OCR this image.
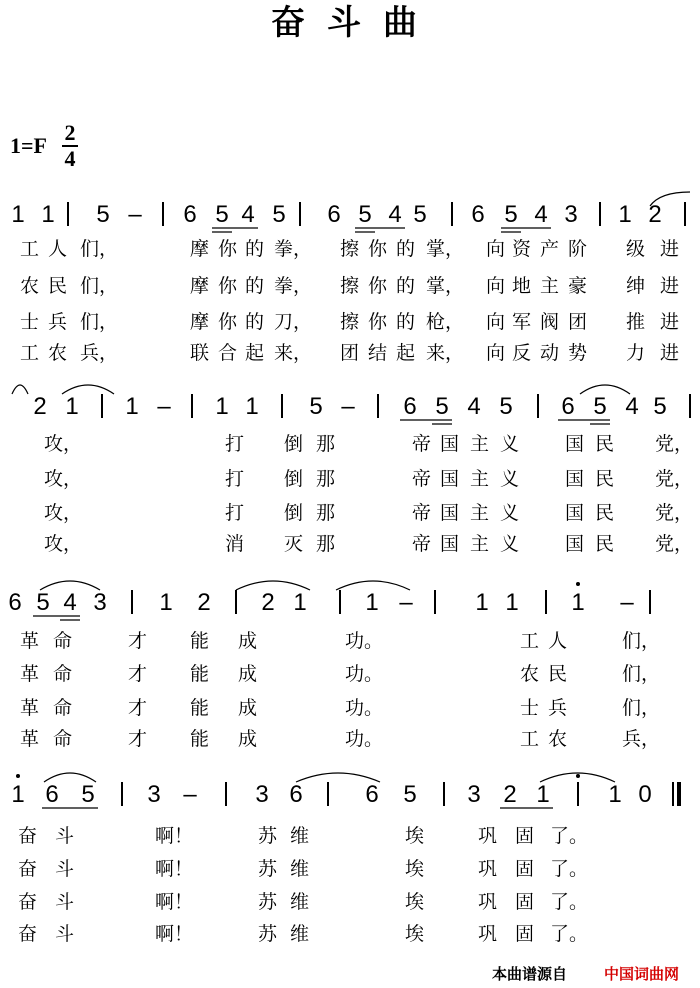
奋斗曲
1=F
2
4
1 1 5 – 6 5 4 5 6 5 4 5 6 5 4 3 1 2
工 人 们，	摩 你 的 拳， 擦 你 的 掌， 向 资 产 阶 级 进
农 民 们，	摩 你 的 拳， 擦 你 的 掌， 向 地 主 豪 绅 进
士 兵 们，	摩 你 的 刀， 擦 你 的 枪， 向 军 阀 团 推 进
工 农 兵，	联 合 起 来， 团 结 起 来， 向 反 动 势 力 进
2 1 1 – 1 1 5 – 6 5 4 5 6 5 4 5
攻，	打 倒 那	帝 国 主 义 国 民 党，
攻，	打 倒 那	帝 国 主 义 国 民 党，
攻，	打 倒 那	帝 国 主 义 国 民 党，
攻，	消 灭 那	帝 国 主 义 国 民 党，
6 5 4 3 1 2 2 1 1 –	1 1 1 –
革 命	才 能 成	功。	工 人	们，
革 命	才 能 成	功。	农 民	们，
革 命	才 能 成	功。	士 兵	们，
革 命	才 能 成	功。	工 农	兵，
1 6 5 3 – 3 6	6 5 3 2 1 1 0
奋 斗	啊！	苏 维	埃	巩 固 了。
奋 斗	啊！	苏 维	埃	巩 固 了。
奋 斗	啊！	苏 维	埃	巩 固 了。
奋 斗	啊！	苏 维	埃	巩 固 了。
本曲谱源自 中国词曲网
